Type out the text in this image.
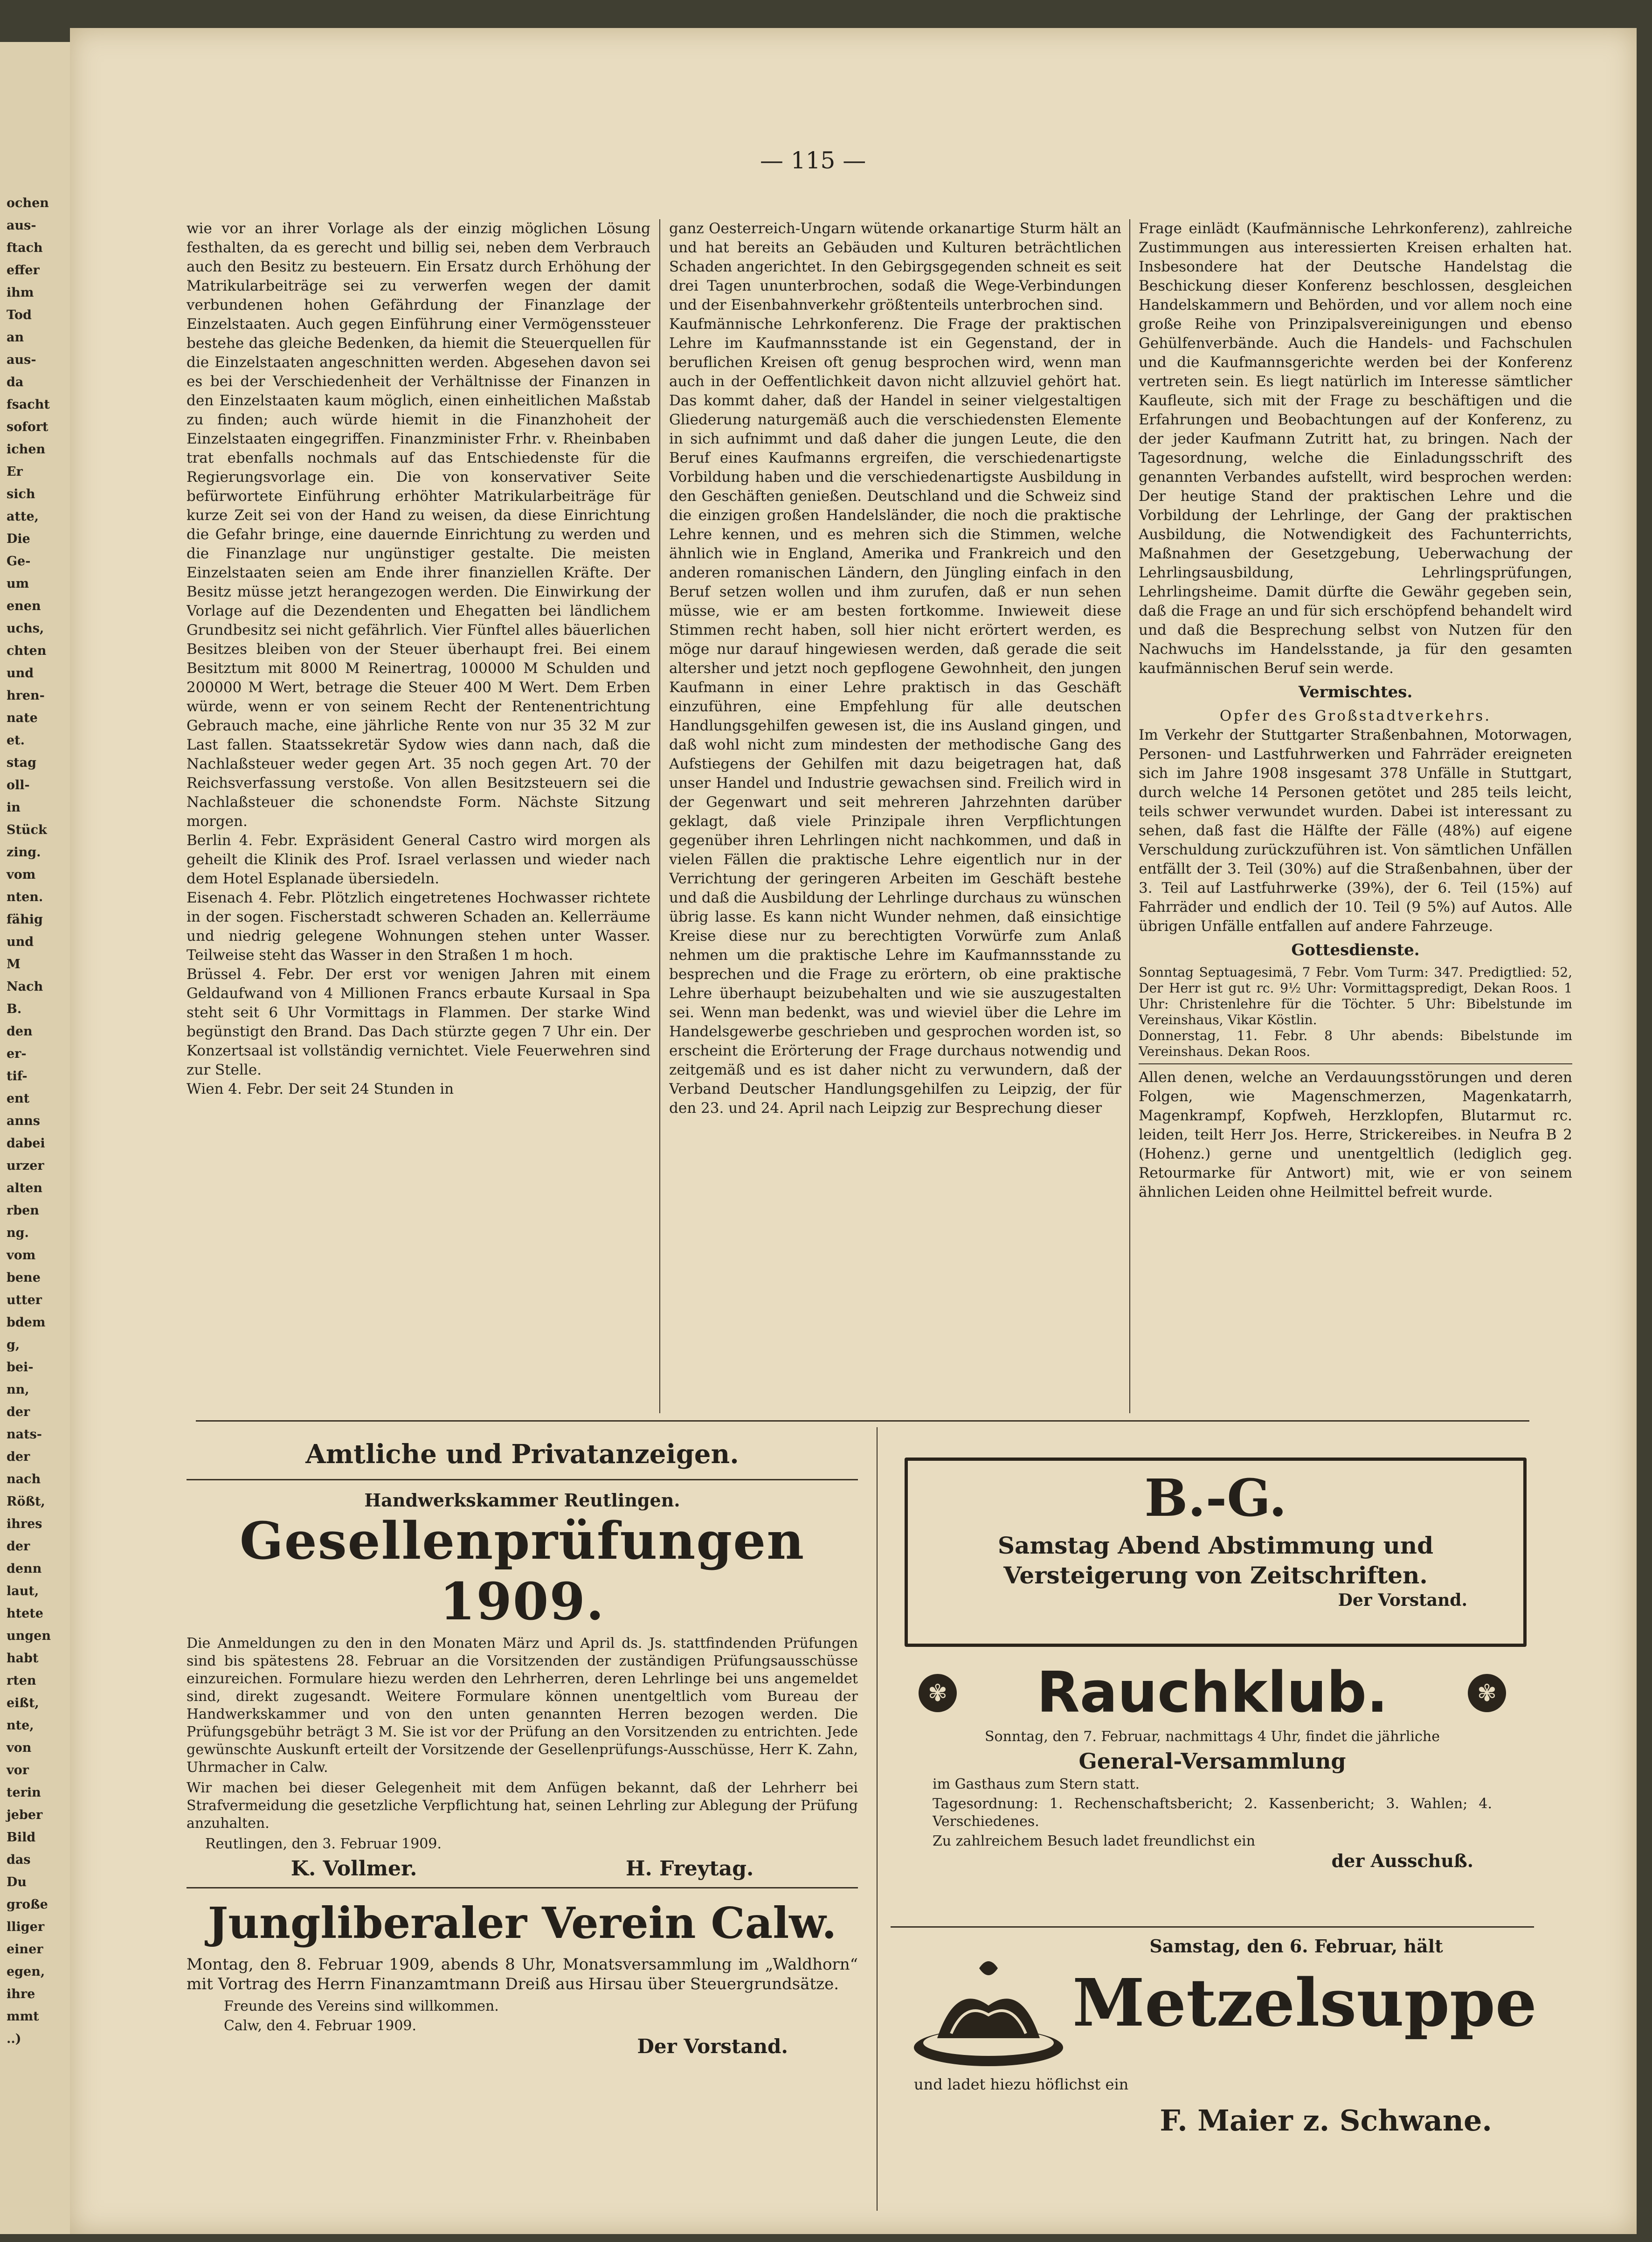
ochen
aus-
ftach
effer
ihm
Tod
an
aus-
da
fsacht
sofort
ichen
Er
sich
atte,
Die
Ge-
um
enen
uchs,
chten
und
hren-
nate
et.
stag
oll-
in
Stück
zing.
vom
nten.
fähig
und
M
Nach
B.
den
er-
tif-
ent
anns
dabei
urzer
alten
rben
ng.
vom
bene
utter
bdem
g,
bei-
nn,
der
nats-
der
nach
Rößt,
ihres
der
denn
laut,
htete
ungen
habt
rten
eißt,
nte,
von
vor
terin
jeber
Bild
das
Du
große
lliger
einer
egen,
ihre
mmt
..)
— 115 —

wie vor an ihrer Vorlage als der einzig möglichen Lösung festhalten, da es gerecht und billig sei, neben dem Verbrauch auch den Besitz zu besteuern. Ein Ersatz durch Erhöhung der Matrikularbeiträge sei zu verwerfen wegen der damit verbundenen hohen Gefährdung der Finanzlage der Einzelstaaten. Auch gegen Einführung einer Vermögenssteuer bestehe das gleiche Bedenken, da hiemit die Steuerquellen für die Einzelstaaten angeschnitten werden. Abgesehen davon sei es bei der Verschiedenheit der Verhältnisse der Finanzen in den Einzelstaaten kaum möglich, einen einheitlichen Maßstab zu finden; auch würde hiemit in die Finanzhoheit der Einzelstaaten eingegriffen. Finanzminister Frhr. v. Rheinbaben trat ebenfalls nochmals auf das Entschiedenste für die Regierungsvorlage ein. Die von konservativer Seite befürwortete Einführung erhöhter Matrikularbeiträge für kurze Zeit sei von der Hand zu weisen, da diese Einrichtung die Gefahr bringe, eine dauernde Einrichtung zu werden und die Finanzlage nur ungünstiger gestalte. Die meisten Einzelstaaten seien am Ende ihrer finanziellen Kräfte. Der Besitz müsse jetzt herangezogen werden. Die Einwirkung der Vorlage auf die Dezendenten und Ehegatten bei ländlichem Grundbesitz sei nicht gefährlich. Vier Fünftel alles bäuerlichen Besitzes bleiben von der Steuer überhaupt frei. Bei einem Besitztum mit 8000 M Reinertrag, 100000 M Schulden und 200000 M Wert, betrage die Steuer 400 M Wert. Dem Erben würde, wenn er von seinem Recht der Rentenentrichtung Gebrauch mache, eine jährliche Rente von nur 35 32 M zur Last fallen. Staatssekretär Sydow wies dann nach, daß die Nachlaßsteuer weder gegen Art. 35 noch gegen Art. 70 der Reichsverfassung verstoße. Von allen Besitzsteuern sei die Nachlaßsteuer die schonendste Form. Nächste Sitzung morgen.

Berlin 4. Febr. Expräsident General Castro wird morgen als geheilt die Klinik des Prof. Israel verlassen und wieder nach dem Hotel Esplanade übersiedeln.

Eisenach 4. Febr. Plötzlich eingetretenes Hochwasser richtete in der sogen. Fischerstadt schweren Schaden an. Kellerräume und niedrig gelegene Wohnungen stehen unter Wasser. Teilweise steht das Wasser in den Straßen 1 m hoch.

Brüssel 4. Febr. Der erst vor wenigen Jahren mit einem Geldaufwand von 4 Millionen Francs erbaute Kursaal in Spa steht seit 6 Uhr Vormittags in Flammen. Der starke Wind begünstigt den Brand. Das Dach stürzte gegen 7 Uhr ein. Der Konzertsaal ist vollständig vernichtet. Viele Feuerwehren sind zur Stelle.

Wien 4. Febr. Der seit 24 Stunden in

ganz Oesterreich-Ungarn wütende orkanartige Sturm hält an und hat bereits an Gebäuden und Kulturen beträchtlichen Schaden angerichtet. In den Gebirgsgegenden schneit es seit drei Tagen ununterbrochen, sodaß die Wege-Verbindungen und der Eisenbahnverkehr größtenteils unterbrochen sind.

Kaufmännische Lehrkonferenz. Die Frage der praktischen Lehre im Kaufmannsstande ist ein Gegenstand, der in beruflichen Kreisen oft genug besprochen wird, wenn man auch in der Oeffentlichkeit davon nicht allzuviel gehört hat. Das kommt daher, daß der Handel in seiner vielgestaltigen Gliederung naturgemäß auch die verschiedensten Elemente in sich aufnimmt und daß daher die jungen Leute, die den Beruf eines Kaufmanns ergreifen, die verschiedenartigste Vorbildung haben und die verschiedenartigste Ausbildung in den Geschäften genießen. Deutschland und die Schweiz sind die einzigen großen Handelsländer, die noch die praktische Lehre kennen, und es mehren sich die Stimmen, welche ähnlich wie in England, Amerika und Frankreich und den anderen romanischen Ländern, den Jüngling einfach in den Beruf setzen wollen und ihm zurufen, daß er nun sehen müsse, wie er am besten fortkomme. Inwieweit diese Stimmen recht haben, soll hier nicht erörtert werden, es möge nur darauf hingewiesen werden, daß gerade die seit altersher und jetzt noch gepflogene Gewohnheit, den jungen Kaufmann in einer Lehre praktisch in das Geschäft einzuführen, eine Empfehlung für alle deutschen Handlungsgehilfen gewesen ist, die ins Ausland gingen, und daß wohl nicht zum mindesten der methodische Gang des Aufstiegens der Gehilfen mit dazu beigetragen hat, daß unser Handel und Industrie gewachsen sind. Freilich wird in der Gegenwart und seit mehreren Jahrzehnten darüber geklagt, daß viele Prinzipale ihren Verpflichtungen gegenüber ihren Lehrlingen nicht nachkommen, und daß in vielen Fällen die praktische Lehre eigentlich nur in der Verrichtung der geringeren Arbeiten im Geschäft bestehe und daß die Ausbildung der Lehrlinge durchaus zu wünschen übrig lasse. Es kann nicht Wunder nehmen, daß einsichtige Kreise diese nur zu berechtigten Vorwürfe zum Anlaß nehmen um die praktische Lehre im Kaufmannsstande zu besprechen und die Frage zu erörtern, ob eine praktische Lehre überhaupt beizubehalten und wie sie auszugestalten sei. Wenn man bedenkt, was und wieviel über die Lehre im Handelsgewerbe geschrieben und gesprochen worden ist, so erscheint die Erörterung der Frage durchaus notwendig und zeitgemäß und es ist daher nicht zu verwundern, daß der Verband Deutscher Handlungsgehilfen zu Leipzig, der für den 23. und 24. April nach Leipzig zur Besprechung dieser

Frage einlädt (Kaufmännische Lehrkonferenz), zahlreiche Zustimmungen aus interessierten Kreisen erhalten hat. Insbesondere hat der Deutsche Handelstag die Beschickung dieser Konferenz beschlossen, desgleichen Handelskammern und Behörden, und vor allem noch eine große Reihe von Prinzipalsvereinigungen und ebenso Gehülfenverbände. Auch die Handels- und Fachschulen und die Kaufmannsgerichte werden bei der Konferenz vertreten sein. Es liegt natürlich im Interesse sämtlicher Kaufleute, sich mit der Frage zu beschäftigen und die Erfahrungen und Beobachtungen auf der Konferenz, zu der jeder Kaufmann Zutritt hat, zu bringen. Nach der Tagesordnung, welche die Einladungsschrift des genannten Verbandes aufstellt, wird besprochen werden: Der heutige Stand der praktischen Lehre und die Vorbildung der Lehrlinge, der Gang der praktischen Ausbildung, die Notwendigkeit des Fachunterrichts, Maßnahmen der Gesetzgebung, Ueberwachung der Lehrlingsausbildung, Lehrlingsprüfungen, Lehrlingsheime. Damit dürfte die Gewähr gegeben sein, daß die Frage an und für sich erschöpfend behandelt wird und daß die Besprechung selbst von Nutzen für den Nachwuchs im Handelsstande, ja für den gesamten kaufmännischen Beruf sein werde.

Vermischtes.

Opfer des Großstadtverkehrs.

Im Verkehr der Stuttgarter Straßenbahnen, Motorwagen, Personen- und Lastfuhrwerken und Fahrräder ereigneten sich im Jahre 1908 insgesamt 378 Unfälle in Stuttgart, durch welche 14 Personen getötet und 285 teils leicht, teils schwer verwundet wurden. Dabei ist interessant zu sehen, daß fast die Hälfte der Fälle (48%) auf eigene Verschuldung zurückzuführen ist. Von sämtlichen Unfällen entfällt der 3. Teil (30%) auf die Straßenbahnen, über der 3. Teil auf Lastfuhrwerke (39%), der 6. Teil (15%) auf Fahrräder und endlich der 10. Teil (9 5%) auf Autos. Alle übrigen Unfälle entfallen auf andere Fahrzeuge.

Gottesdienste.

Sonntag Septuagesimä, 7 Febr. Vom Turm: 347. Predigtlied: 52, Der Herr ist gut rc. 9½ Uhr: Vormittagspredigt, Dekan Roos. 1 Uhr: Christenlehre für die Töchter. 5 Uhr: Bibelstunde im Vereinshaus, Vikar Köstlin.

Donnerstag, 11. Febr. 8 Uhr abends: Bibelstunde im Vereinshaus. Dekan Roos.

Allen denen, welche an Verdauungsstörungen und deren Folgen, wie Magenschmerzen, Magenkatarrh, Magenkrampf, Kopfweh, Herzklopfen, Blutarmut rc. leiden, teilt Herr Jos. Herre, Strickereibes. in Neufra B 2 (Hohenz.) gerne und unentgeltlich (lediglich geg. Retourmarke für Antwort) mit, wie er von seinem ähnlichen Leiden ohne Heilmittel befreit wurde.

Amtliche und Privatanzeigen.
Handwerkskammer Reutlingen.
Gesellenprüfungen 1909.

Die Anmeldungen zu den in den Monaten März und April ds. Js. stattfindenden Prüfungen sind bis spätestens 28. Februar an die Vorsitzenden der zuständigen Prüfungsausschüsse einzureichen. Formulare hiezu werden den Lehrherren, deren Lehrlinge bei uns angemeldet sind, direkt zugesandt. Weitere Formulare können unentgeltlich vom Bureau der Handwerkskammer und von den unten genannten Herren bezogen werden. Die Prüfungsgebühr beträgt 3 M. Sie ist vor der Prüfung an den Vorsitzenden zu entrichten. Jede gewünschte Auskunft erteilt der Vorsitzende der Gesellenprüfungs-Ausschüsse, Herr K. Zahn, Uhrmacher in Calw.

Wir machen bei dieser Gelegenheit mit dem Anfügen bekannt, daß der Lehrherr bei Strafvermeidung die gesetzliche Verpflichtung hat, seinen Lehrling zur Ablegung der Prüfung anzuhalten.

Reutlingen, den 3. Februar 1909.

K. Vollmer.	H. Freytag.
Jungliberaler Verein Calw.

Montag, den 8. Februar 1909, abends 8 Uhr, Monatsversammlung im „Waldhorn“ mit Vortrag des Herrn Finanzamtmann Dreiß aus Hirsau über Steuergrundsätze.

Freunde des Vereins sind willkommen.

Calw, den 4. Februar 1909.

Der Vorstand.
B.-G.
Samstag Abend Abstimmung und
Versteigerung von Zeitschriften.
Der Vorstand.
✾ Rauchklub.	✾

Sonntag, den 7. Februar, nachmittags 4 Uhr, findet die jährliche

General-Versammlung

im Gasthaus zum Stern statt.

Tagesordnung: 1. Rechenschaftsbericht; 2. Kassenbericht; 3. Wahlen; 4. Verschiedenes.

Zu zahlreichem Besuch ladet freundlichst ein

der Ausschuß.
Samstag, den 6. Februar, hält
Metzelsuppe
und ladet hiezu höflichst ein
F. Maier z. Schwane.
